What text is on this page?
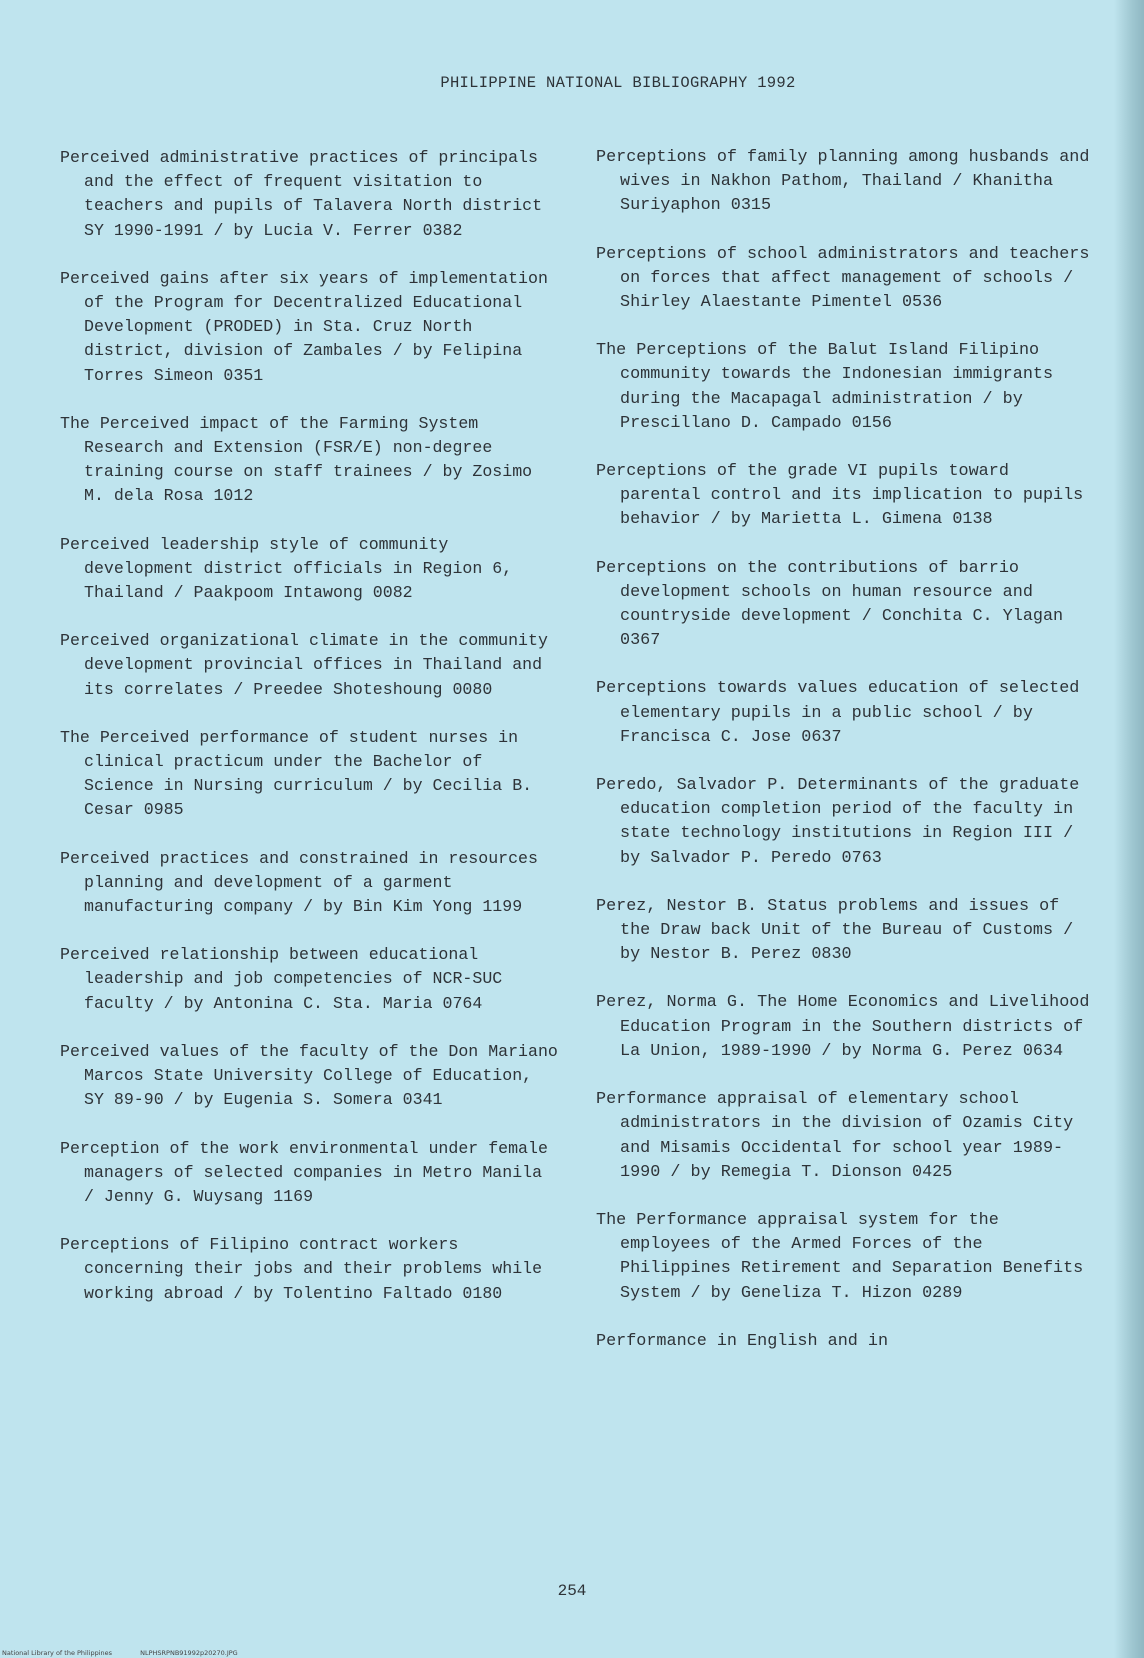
PHILIPPINE NATIONAL BIBLIOGRAPHY 1992
Perceived administrative practices of principals and the effect of frequent visitation to teachers and pupils of Talavera North district SY 1990-1991 / by Lucia V. Ferrer 0382
Perceived gains after six years of implementation of the Program for Decentralized Educational Development (PRODED) in Sta. Cruz North district, division of Zambales / by Felipina Torres Simeon 0351
The Perceived impact of the Farming System Research and Extension (FSR/E) non-degree training course on staff trainees / by Zosimo M. dela Rosa 1012
Perceived leadership style of community development district officials in Region 6, Thailand / Paakpoom Intawong 0082
Perceived organizational climate in the community development provincial offices in Thailand and its correlates / Preedee Shoteshoung 0080
The Perceived performance of student nurses in clinical practicum under the Bachelor of Science in Nursing curriculum / by Cecilia B. Cesar 0985
Perceived practices and constrained in resources planning and development of a garment manufacturing company / by Bin Kim Yong 1199
Perceived relationship between educational leadership and job competencies of NCR-SUC faculty / by Antonina C. Sta. Maria 0764
Perceived values of the faculty of the Don Mariano Marcos State University College of Education, SY 89-90 / by Eugenia S. Somera 0341
Perception of the work environmental under female managers of selected companies in Metro Manila / Jenny G. Wuysang 1169
Perceptions of Filipino contract workers concerning their jobs and their problems while working abroad / by Tolentino Faltado 0180
Perceptions of family planning among husbands and wives in Nakhon Pathom, Thailand / Khanitha Suriyaphon 0315
Perceptions of school administrators and teachers on forces that affect management of schools / Shirley Alaestante Pimentel 0536
The Perceptions of the Balut Island Filipino community towards the Indonesian immigrants during the Macapagal administration / by Prescillano D. Campado 0156
Perceptions of the grade VI pupils toward parental control and its implication to pupils behavior / by Marietta L. Gimena 0138
Perceptions on the contributions of barrio development schools on human resource and countryside development / Conchita C. Ylagan 0367
Perceptions towards values education of selected elementary pupils in a public school / by Francisca C. Jose 0637
Peredo, Salvador P. Determinants of the graduate education completion period of the faculty in state technology institutions in Region III / by Salvador P. Peredo 0763
Perez, Nestor B. Status problems and issues of the Draw back Unit of the Bureau of Customs / by Nestor B. Perez 0830
Perez, Norma G. The Home Economics and Livelihood Education Program in the Southern districts of La Union, 1989-1990 / by Norma G. Perez 0634
Performance appraisal of elementary school administrators in the division of Ozamis City and Misamis Occidental for school year 1989-1990 / by Remegia T. Dionson 0425
The Performance appraisal system for the employees of the Armed Forces of the Philippines Retirement and Separation Benefits System / by Geneliza T. Hizon 0289
Performance in English and in
254
National Library of the Philippines	NLPHSRPNB91992p20270.JPG
